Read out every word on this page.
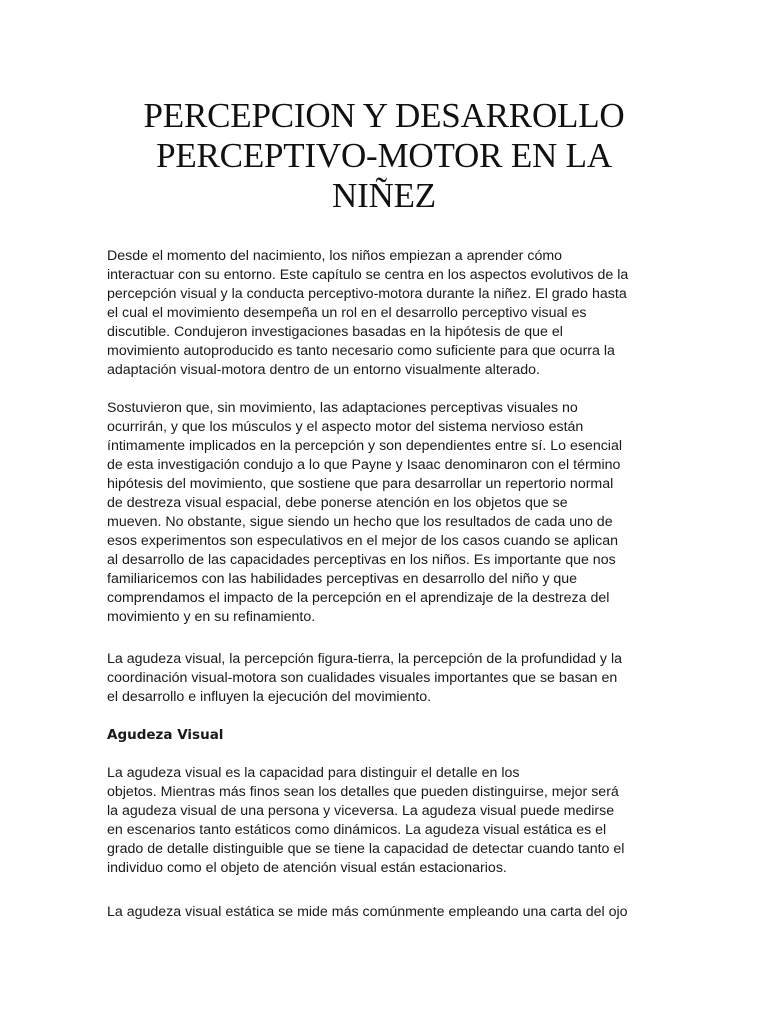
PERCEPCION Y DESARROLLO
PERCEPTIVO-MOTOR EN LA
NIÑEZ
Desde el momento del nacimiento, los niños empiezan a aprender cómo
interactuar con su entorno. Este capítulo se centra en los aspectos evolutivos de la
percepción visual y la conducta perceptivo-motora durante la niñez. El grado hasta
el cual el movimiento desempeña un rol en el desarrollo perceptivo visual es
discutible. Condujeron investigaciones basadas en la hipótesis de que el
movimiento autoproducido es tanto necesario como suficiente para que ocurra la
adaptación visual-motora dentro de un entorno visualmente alterado.
Sostuvieron que, sin movimiento, las adaptaciones perceptivas visuales no
ocurrirán, y que los músculos y el aspecto motor del sistema nervioso están
íntimamente implicados en la percepción y son dependientes entre sí. Lo esencial
de esta investigación condujo a lo que Payne y Isaac denominaron con el término
hipótesis del movimiento, que sostiene que para desarrollar un repertorio normal
de destreza visual espacial, debe ponerse atención en los objetos que se
mueven. No obstante, sigue siendo un hecho que los resultados de cada uno de
esos experimentos son especulativos en el mejor de los casos cuando se aplican
al desarrollo de las capacidades perceptivas en los niños. Es importante que nos
familiaricemos con las habilidades perceptivas en desarrollo del niño y que
comprendamos el impacto de la percepción en el aprendizaje de la destreza del
movimiento y en su refinamiento.
La agudeza visual, la percepción figura-tierra, la percepción de la profundidad y la
coordinación visual-motora son cualidades visuales importantes que se basan en
el desarrollo e influyen la ejecución del movimiento.
Agudeza Visual
La agudeza visual es la capacidad para distinguir el detalle en los
objetos. Mientras más finos sean los detalles que pueden distinguirse, mejor será
la agudeza visual de una persona y viceversa. La agudeza visual puede medirse
en escenarios tanto estáticos como dinámicos. La agudeza visual estática es el
grado de detalle distinguible que se tiene la capacidad de detectar cuando tanto el
individuo como el objeto de atención visual están estacionarios.
La agudeza visual estática se mide más comúnmente empleando una carta del ojo
